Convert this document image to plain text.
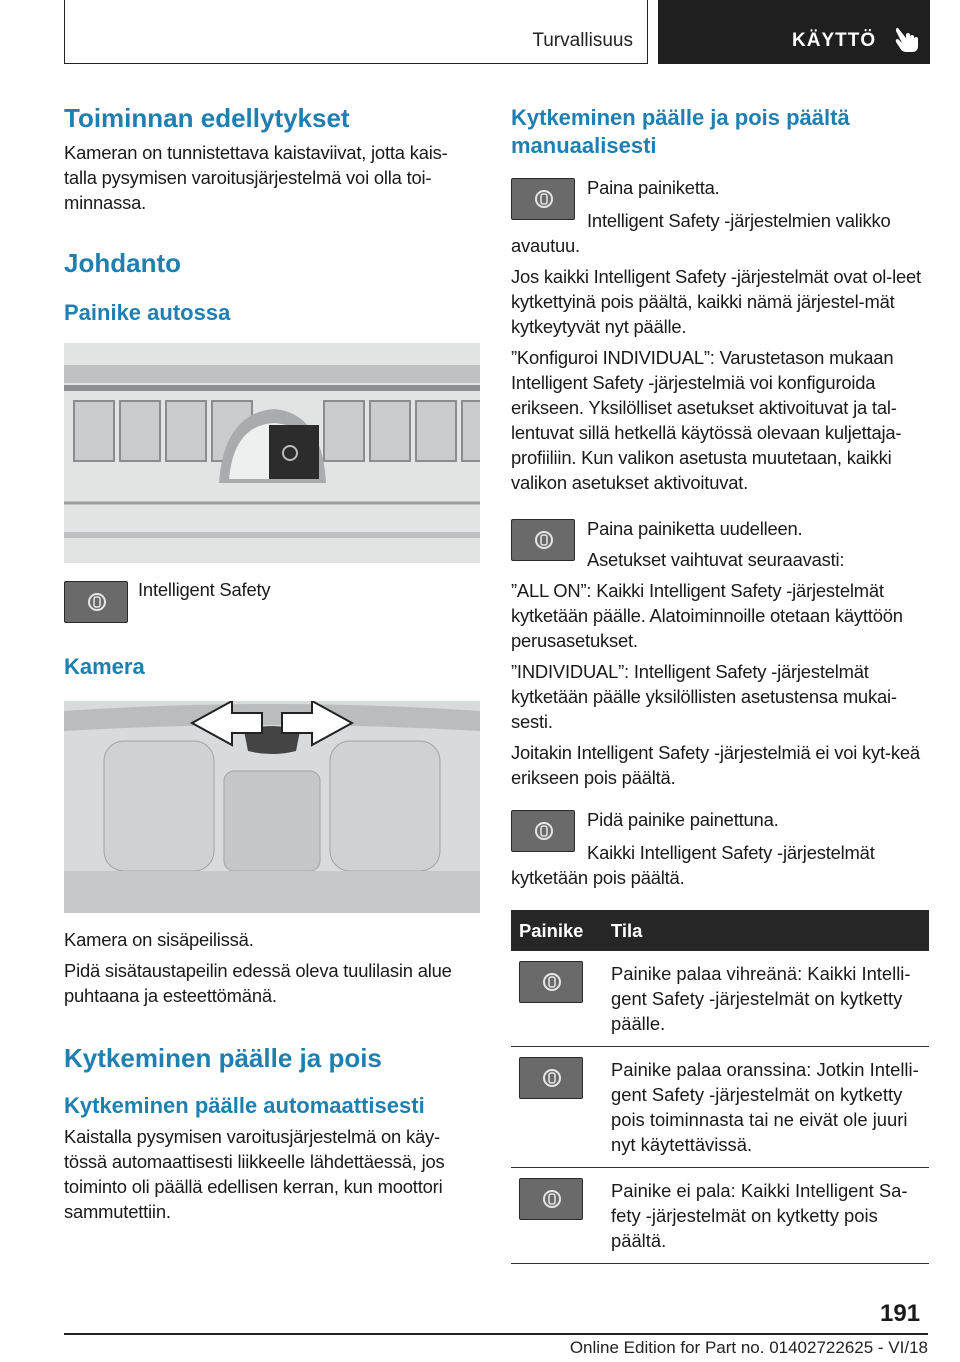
Turvallisuus	KÄYTTÖ
Toiminnan edellytykset

Kameran on tunnistettava kaistaviivat, jotta kais-talla pysymisen varoitusjärjestelmä voi olla toi-minnassa.

Johdanto
Painike autossa

Intelligent Safety

Kamera

Kamera on sisäpeilissä.

Pidä sisätaustapeilin edessä oleva tuulilasin alue puhtaana ja esteettömänä.

Kytkeminen päälle ja pois
Kytkeminen päälle automaattisesti

Kaistalla pysymisen varoitusjärjestelmä on käy-tössä automaattisesti liikkeelle lähdettäessä, jos toiminto oli päällä edellisen kerran, kun moottori sammutettiin.

Kytkeminen päälle ja pois päältä manuaalisesti

Paina painiketta.

Intelligent Safety -järjestelmien valikko avautuu.

Jos kaikki Intelligent Safety -järjestelmät ovat ol-leet kytkettyinä pois päältä, kaikki nämä järjestel-mät kytkeytyvät nyt päälle.

”Konfiguroi INDIVIDUAL”: Varustetason mukaan Intelligent Safety -järjestelmiä voi konfiguroida erikseen. Yksilölliset asetukset aktivoituvat ja tal-lentuvat sillä hetkellä käytössä olevaan kuljettaja-profiiliin. Kun valikon asetusta muutetaan, kaikki valikon asetukset aktivoituvat.

Paina painiketta uudelleen.

Asetukset vaihtuvat seuraavasti:

”ALL ON”: Kaikki Intelligent Safety -järjestelmät kytketään päälle. Alatoiminnoille otetaan käyttöön perusasetukset.

”INDIVIDUAL”: Intelligent Safety -järjestelmät kytketään päälle yksilöllisten asetustensa mukai-sesti.

Joitakin Intelligent Safety -järjestelmiä ei voi kyt-keä erikseen pois päältä.

Pidä painike painettuna.

Kaikki Intelligent Safety -järjestelmät kytketään pois päältä.

Painike	Tila

	Painike palaa vihreänä: Kaikki Intelli-gent Safety -järjestelmät on kytketty päälle.

	Painike palaa oranssina: Jotkin Intelli-gent Safety -järjestelmät on kytketty pois toiminnasta tai ne eivät ole juuri nyt käytettävissä.

	Painike ei pala: Kaikki Intelligent Sa-fety -järjestelmät on kytketty pois päältä.
191
Online Edition for Part no. 01402722625 - VI/18
